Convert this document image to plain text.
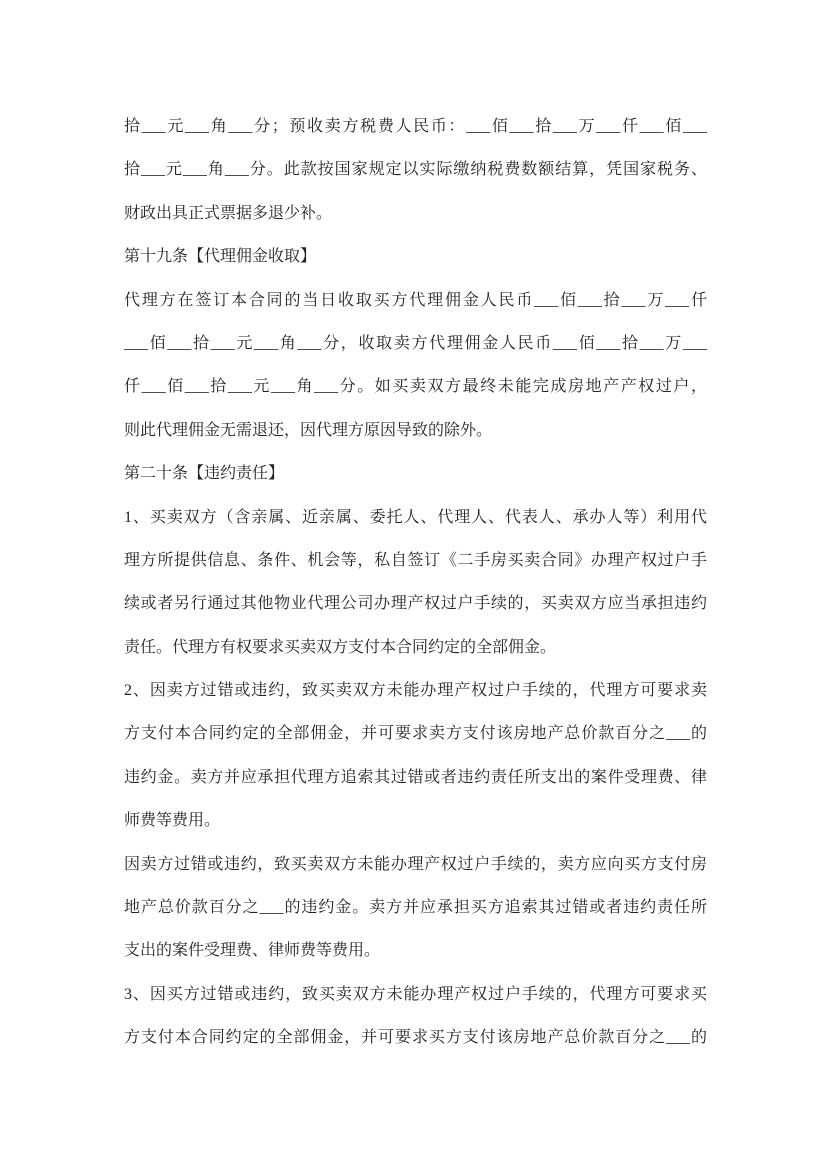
拾___元___角___分；预收卖方税费人民币：___佰___拾___万___仟___佰___
拾___元___角___分。此款按国家规定以实际缴纳税费数额结算，凭国家税务、
财政出具正式票据多退少补。
第十九条【代理佣金收取】
代理方在签订本合同的当日收取买方代理佣金人民币___佰___拾___万___仟
___佰___拾___元___角___分，收取卖方代理佣金人民币___佰___拾___万___
仟___佰___拾___元___角___分。如买卖双方最终未能完成房地产产权过户，
则此代理佣金无需退还，因代理方原因导致的除外。
第二十条【违约责任】
1、买卖双方（含亲属、近亲属、委托人、代理人、代表人、承办人等）利用代
理方所提供信息、条件、机会等，私自签订《二手房买卖合同》办理产权过户手
续或者另行通过其他物业代理公司办理产权过户手续的，买卖双方应当承担违约
责任。代理方有权要求买卖双方支付本合同约定的全部佣金。
2、因卖方过错或违约，致买卖双方未能办理产权过户手续的，代理方可要求卖
方支付本合同约定的全部佣金，并可要求卖方支付该房地产总价款百分之___的
违约金。卖方并应承担代理方追索其过错或者违约责任所支出的案件受理费、律
师费等费用。
因卖方过错或违约，致买卖双方未能办理产权过户手续的，卖方应向买方支付房
地产总价款百分之___的违约金。卖方并应承担买方追索其过错或者违约责任所
支出的案件受理费、律师费等费用。
3、因买方过错或违约，致买卖双方未能办理产权过户手续的，代理方可要求买
方支付本合同约定的全部佣金，并可要求买方支付该房地产总价款百分之___的
